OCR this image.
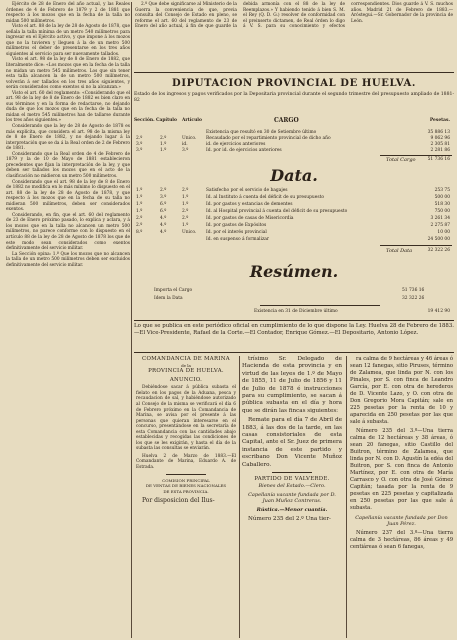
Ejército de 28 de Enero del año actual, y las Reales órdenes de 4 de Febrero de 1879 y 2 de 1881 que respecto á los mozos que en la fecha de la talla no midan 500 milímetros.

Visto el art. 88 de la ley de 28 de Agosto de 1878, que señala la talla mínima de un metro 540 milímetros para ingresar en el Ejército activo, y que impone á los mozos que no la tuvieren y lleguen á la de un metro 500 milímetros el deber de presentarse en los tres años siguientes al servicio para ser nuevamente tallados.

Visto el art. 98 de la ley de 8 de Enero de 1882, que literalmente dice: «Los mozos que en la fecha de la talla no midan un metro 545 milímetros. Los que sin tener esta talla alcancen la de un metro 500 milímetros, volverán á ser tallados en los tres años siguientes, y serán considerados como exentos si no la alcanzan.»

Visto el art. 60 del reglamento: «Considerando que el art. 98 de la ley de 8 de Enero de 1882 es bien claro en sus términos y en la forma de redactarse, no dejando duda de que los mozos que en la fecha de la talla no midan el metro 545 milímetros han de tallarse durante los tres años siguientes.»

Considerando que la ley de 28 de Agosto de 1878 es más explícita, que considera el art. 98 de la misma ley de 8 de Enero de 1882, y no dejando lugar á la interpretación que se da á la Real orden de 2 de Febrero de 1881.

Considerando que la Real orden de 4 de Febrero de 1879 y la de 10 de Mayo de 1881 establecieron precedentes que fijan la interpretación de la ley, y que deben ser tallados los mozos que en el acto de la clasificación no midieron un metro 500 milímetros.

Considerando que el art. 98 de la ley de 8 de Enero de 1882 no modifica en lo más mínimo lo dispuesto en el art. 88 de la ley de 28 de Agosto de 1878, y que respecto á los mozos que en la fecha de su talla no midieran 500 milímetros, deben ser considerados exentos.

Considerando, en fin, que el art. 60 del reglamento de 23 de Enero próximo pasado, lo explica y aclara, y á los mozos que en la talla no alcancen un metro 500 milímetros, no parece conforme con lo dispuesto en el artículo 88 de la ley de 28 de Agosto de 1878 los que de este modo sean considerados como exentos definitivamente del servicio militar.

La Sección opina: 1.º Que los mozos que no alcancen la talla de un metro 500 milímetros deben ser excluidos definitivamente del servicio militar.

2.º Que debe significarse al Ministerio de la Guerra la conveniencia de que, previa consulta del Consejo de Estado en pleno, se reforme el art. 60 del reglamento de 23 de Enero del año actual, á fin de que guarde la debida armonía con el 88 de la ley de Reemplazos.» Y habiendo tenido á bien S. M. el Rey (Q. D. G.) resolver de conformidad con el preinserto dictamen, de Real órden lo digo á V. S. para su conocimiento y efectos correspondientes. Dios guarde á V. S. muchos años. Madrid 21 de Febrero de 1883.—Aróstegui.—Sr. Gobernador de la provincia de León.

DIPUTACION PROVINCIAL DE HUELVA.
Estado de los ingresos y pagos verificados por la Depositaria provincial durante el segundo trimestre del presupuesto ampliado de 1881-82
Sección. Capítulo Artículo	CARGO	Pesetas.
Existencia que resultó en 30 de Setiembre último	35 886 13
2.º	2.º	Unico. Recaudado por el repartimiento provincial de dicho año	9 062 96
3.º	1.º	id.	id. de ejercicios anteriores	2 305 81
3.º	1.º	3.º	Id. por id. de ejercicios anteriores	2 281 86
Total Cargo	51 736 16
Data.
1.º	2.º	2.º	Satisfecho por el servicio de bagajes	253 75
1.º	3.º	1.º	Id. al Instituto á cuenta del déficit de su presupuesto	500 00
1.º	6.º	1.º	Id. por gastos y estancias de dementes	518 30
1.º	6.º	2.º	Id. al Hospital provincial á cuenta del déficit de su presupuesto	750 00
2.º	4.º	2.º	Id. por gastos de casas de Misericordia	3 261 34
2.º	4.º	1.º	Id. por gastos de Expósitos	2 275 87
8.º	4.º	Unico. Id. por el interés provincial	10 00
Id. en suspenso á formalizar	24 500 00
Total Data	32 322 26
Resúmen.
Importa el Cargo	51 736 16
Idem la Data	32 322 26
Existencia en 31 de Diciembre último	19 412 90
Lo que se publica en este periódico oficial en cumplimiento de lo que dispone la Ley. Huelva 28 de Febrero de 1883.—El Vice-Presidente, Rafael de la Corte.—El Contador, Enrique Gómez.—El Depositario, Antonio López.

COMANDANCIA DE MARINA

de la

PROVINCIA DE HUELVA.

ANUNCIO.

Debiéndose sacar á pública subasta el fielato en los pagos de la Aduana, pesca y recaudacion de sal, y habiéndose autorizado al Consejo de la misma se verificará el día 6 de Febrero próximo en la Comandancia de Marina, se avisa por el presente á las personas que quieran interesarse en el concurso, presentándose en la secretaría de esta Comandancia con las cantidades abajo establecidas y recogidas las condiciones de los que se les exigirán, y hasta el día de la subasta las consultas se enviarán.

Huelva 2 de Marzo de 1883.—El Comandante de Marina, Eduardo A. de Estrada.

COMISION PRINCIPAL

DE VENTAS DE BIENES NACIONALES

DE ESTA PROVINCIA.

Por disposicion del Ilus-

trísimo Sr. Delegado de Hacienda de esta provincia y en virtud de las leyes de 1.º de Mayo de 1855, 11 de Julio de 1856 y 11 de Julio de 1878 é instrucciones para su cumplimiento, se sacan á pública subasta en el día y hora que se dirán las fincas siguientes:

Remate para el día 7 de Abril de 1883, á las dos de la tarde, en las casas consistoriales de esta Capital, ante el Sr. Juez de primera instancia de este partido y escribano Don Vicente Muñoz Caballero.

PARTIDO DE VALVERDE.

Bienes del Estado.—Clero.

Capellanía vacante fundada por D. Juan Muñoz Contreras.

Rústica.—Menor cuantía.

Número 235 del 2.º Una tier-

ra calma de 9 hectáreas y 46 áreas ó sean 12 fanegas, sitio Piruses, término de Zalamea, que linda por N. con los Pinales, por S. con finca de Leandro García, por E. con otra de herederos de D. Vicente Lazo, y O. con otra de Don Gregorio Mora Capitán; sale en 225 pesetas por la renta de 10 y aparecida en 250 pesetas por las que sale á subasta.

Número 235 del 3.º—Una tierra calma de 12 hectáreas y 38 áreas, ó sean 20 fanegas, sitio Castillo del Buitron, término de Zalamea, que linda por N. con D. Agustín la edéa del Buitron, por S. con finca de Antonio Martínez, por E. con otra de María Carrasco y O. con otra de José Gómez Capitán; tasada por la renta de 9 pesetas en 225 pesetas y capitalizada en 250 pesetas por las que sale á subasta.

Capellanía vacante fundada por Don Juan Pérez.

Número 237 del 3.º—Una tierra calma de 3 hectáreas, 86 áreas y 49 centiáreas ó sean 6 fanegas,
